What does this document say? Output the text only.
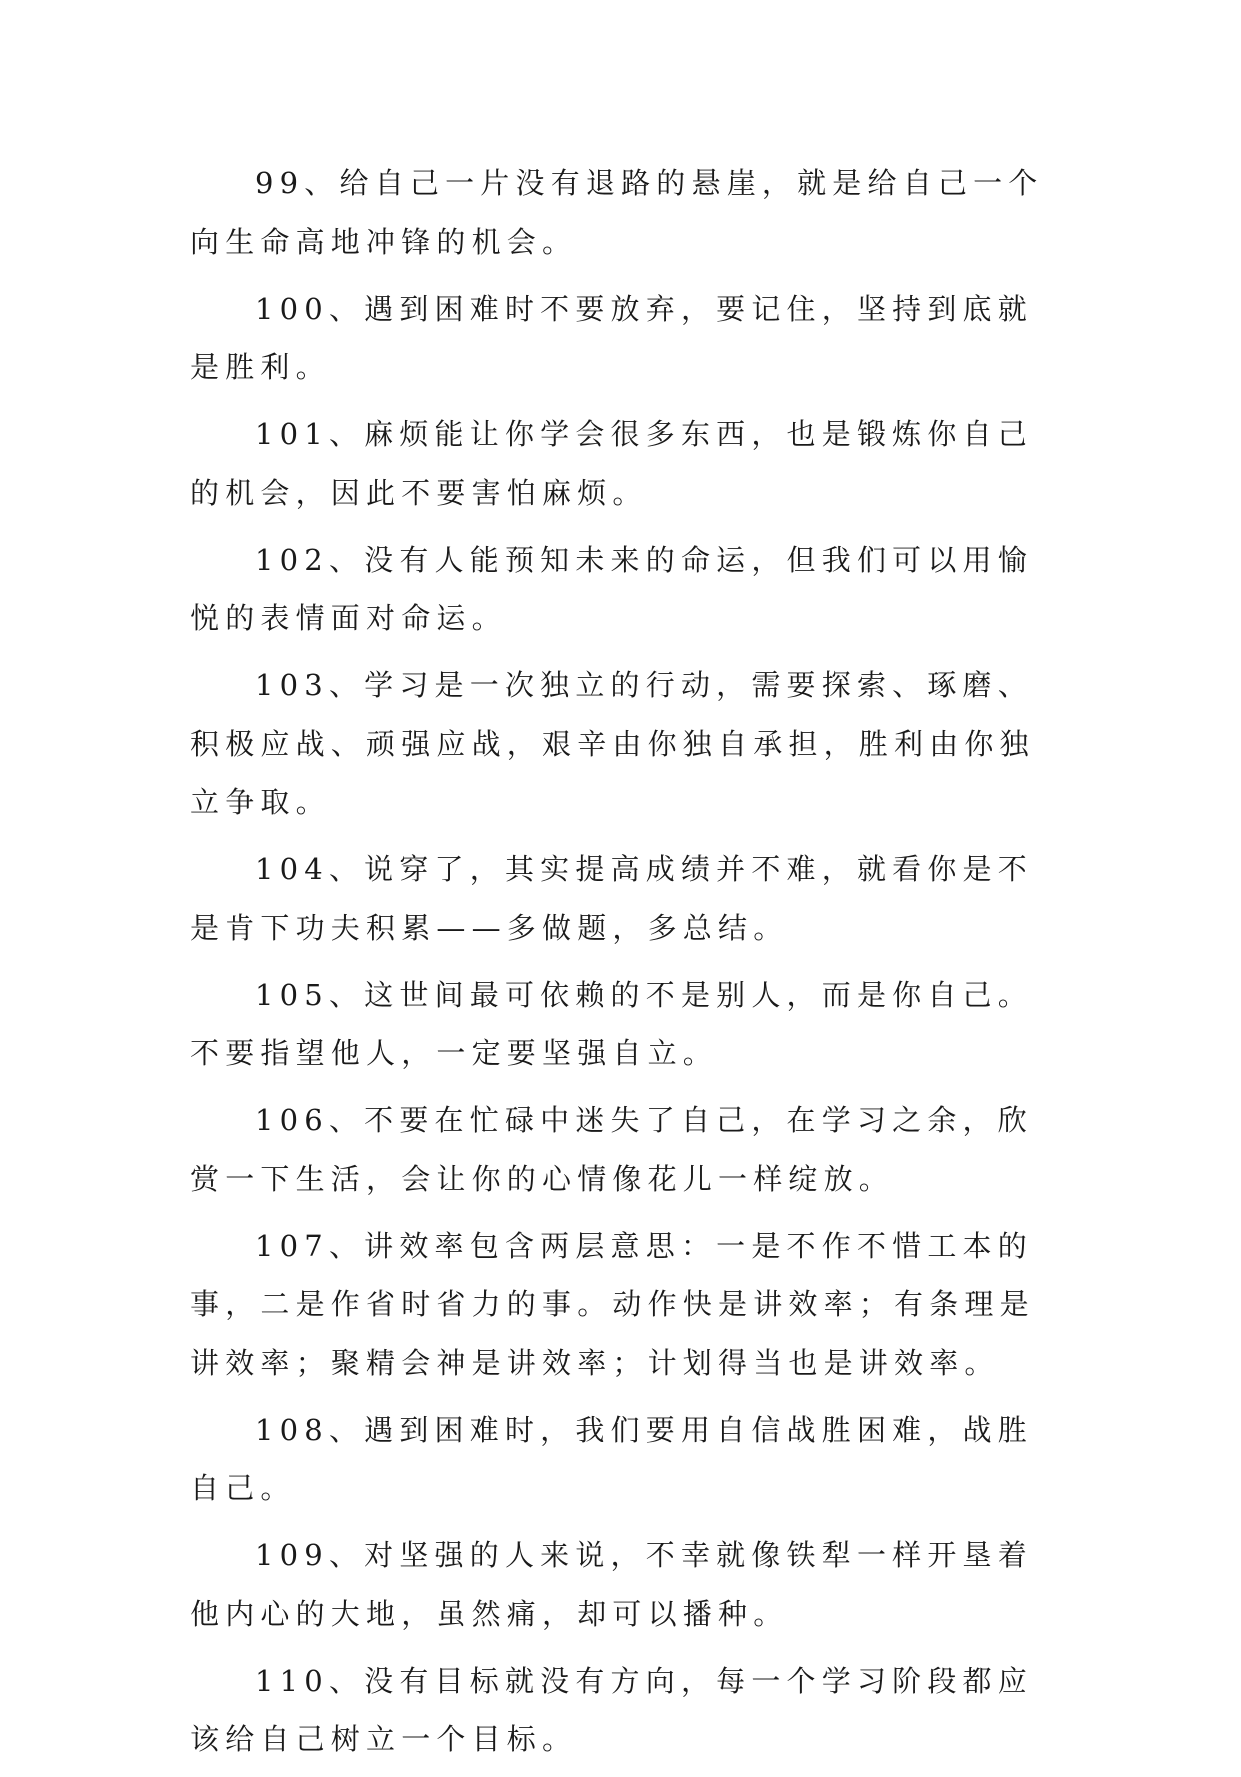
99、给自己一片没有退路的悬崖，就是给自己一个向生命高地冲锋的机会。

100、遇到困难时不要放弃，要记住，坚持到底就是胜利。

101、麻烦能让你学会很多东西，也是锻炼你自己的机会，因此不要害怕麻烦。

102、没有人能预知未来的命运，但我们可以用愉悦的表情面对命运。

103、学习是一次独立的行动，需要探索、琢磨、积极应战、顽强应战，艰辛由你独自承担，胜利由你独立争取。

104、说穿了，其实提高成绩并不难，就看你是不是肯下功夫积累——多做题，多总结。

105、这世间最可依赖的不是别人，而是你自己。不要指望他人，一定要坚强自立。

106、不要在忙碌中迷失了自己，在学习之余，欣赏一下生活，会让你的心情像花儿一样绽放。

107、讲效率包含两层意思：一是不作不惜工本的事，二是作省时省力的事。动作快是讲效率；有条理是讲效率；聚精会神是讲效率；计划得当也是讲效率。

108、遇到困难时，我们要用自信战胜困难，战胜自己。

109、对坚强的人来说，不幸就像铁犁一样开垦着他内心的大地，虽然痛，却可以播种。

110、没有目标就没有方向，每一个学习阶段都应该给自己树立一个目标。
